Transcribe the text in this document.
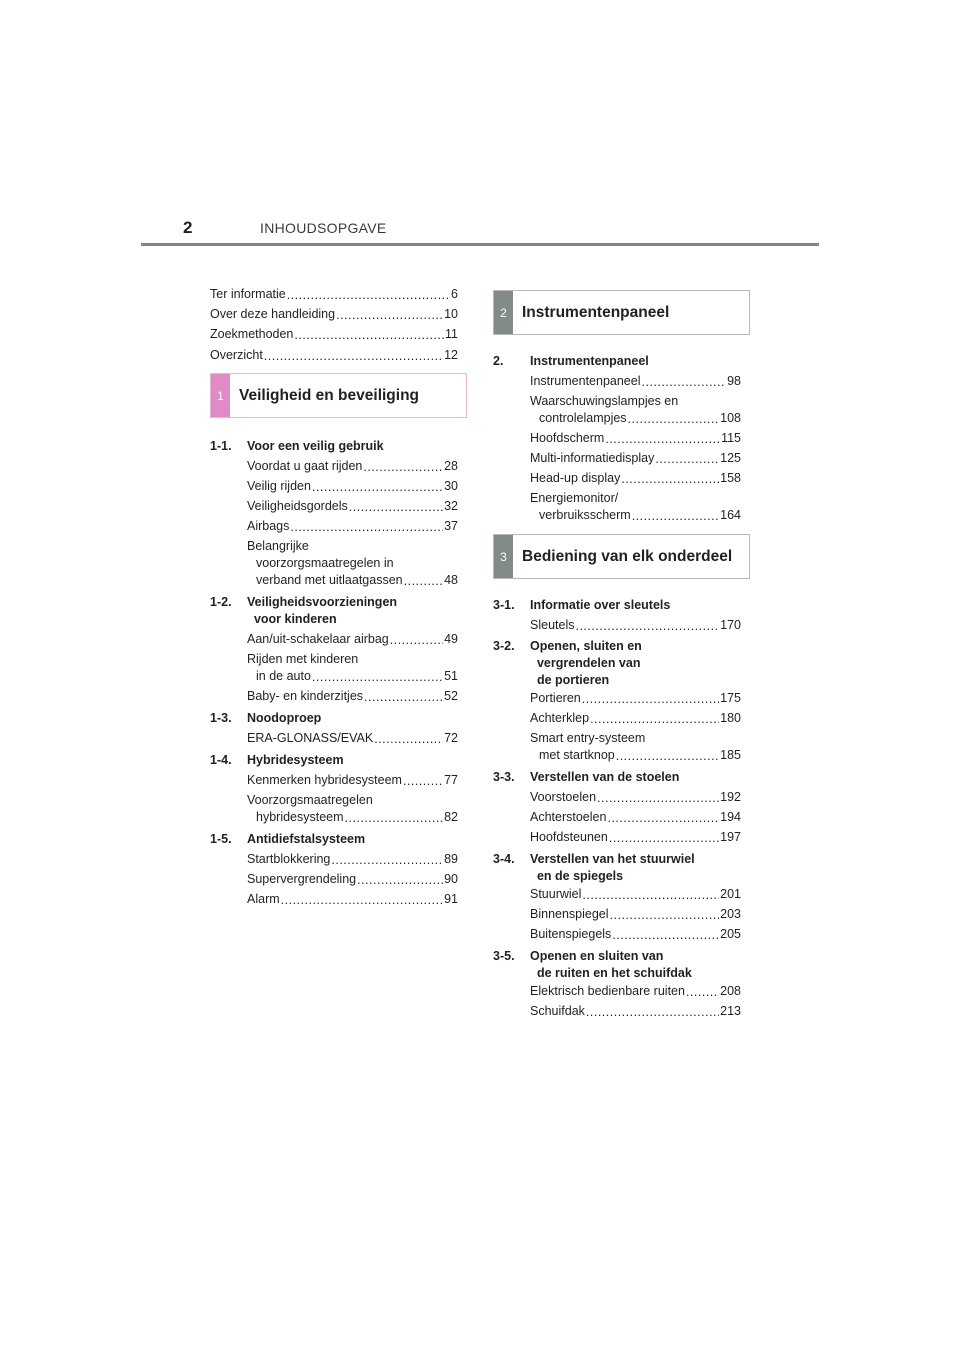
2	INHOUDSOPGAVE
Ter informatie .....	6
Over deze handleiding .....	10
Zoekmethoden .....	11
Overzicht .....	12
1 Veiligheid en beveiliging
1-1.	Voor een veilig gebruik
Voordat u gaat rijden .....	28
Veilig rijden .....	30
Veiligheidsgordels .....	32
Airbags .....	37
Belangrijke
voorzorgsmaatregelen in
verband met uitlaatgassen .....	48
1-2.	Veiligheidsvoorzieningen
voor kinderen
Aan/uit-schakelaar airbag .....	49
Rijden met kinderen
in de auto .....	51
Baby- en kinderzitjes .....	52
1-3.	Noodoproep
ERA-GLONASS/EVAK .....	72
1-4.	Hybridesysteem
Kenmerken hybridesysteem .....	77
Voorzorgsmaatregelen
hybridesysteem .....	82
1-5.	Antidiefstalsysteem
Startblokkering .....	89
Supervergrendeling .....	90
Alarm .....	91
2 Instrumentenpaneel
2.	Instrumentenpaneel
Instrumentenpaneel .....	98
Waarschuwingslampjes en
controlelampjes .....	108
Hoofdscherm .....	115
Multi-informatiedisplay .....	125
Head-up display .....	158
Energiemonitor/
verbruiksscherm .....	164
3 Bediening van elk onderdeel
3-1.	Informatie over sleutels
Sleutels .....	170
3-2.	Openen, sluiten en
vergrendelen van
de portieren
Portieren .....	175
Achterklep .....	180
Smart entry-systeem
met startknop .....	185
3-3.	Verstellen van de stoelen
Voorstoelen .....	192
Achterstoelen .....	194
Hoofdsteunen .....	197
3-4.	Verstellen van het stuurwiel
en de spiegels
Stuurwiel .....	201
Binnenspiegel .....	203
Buitenspiegels .....	205
3-5.	Openen en sluiten van
de ruiten en het schuifdak
Elektrisch bedienbare ruiten .....	208
Schuifdak .....	213
